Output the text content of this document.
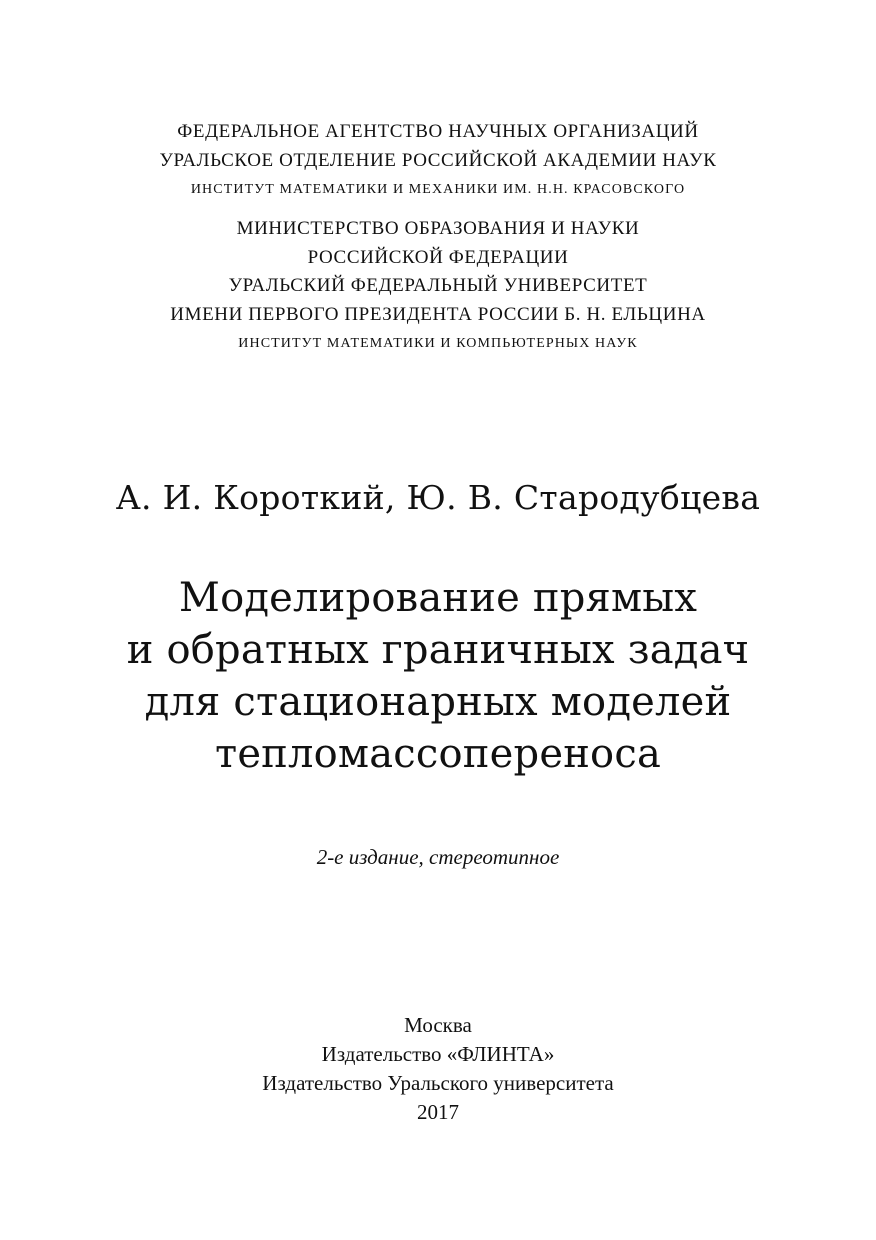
ФЕДЕРАЛЬНОЕ АГЕНТСТВО НАУЧНЫХ ОРГАНИЗАЦИЙ
УРАЛЬСКОЕ ОТДЕЛЕНИЕ РОССИЙСКОЙ АКАДЕМИИ НАУК
ИНСТИТУТ МАТЕМАТИКИ И МЕХАНИКИ ИМ. Н.Н. КРАСОВСКОГО
МИНИСТЕРСТВО ОБРАЗОВАНИЯ И НАУКИ
РОССИЙСКОЙ ФЕДЕРАЦИИ
УРАЛЬСКИЙ ФЕДЕРАЛЬНЫЙ УНИВЕРСИТЕТ
ИМЕНИ ПЕРВОГО ПРЕЗИДЕНТА РОССИИ Б. Н. ЕЛЬЦИНА
ИНСТИТУТ МАТЕМАТИКИ И КОМПЬЮТЕРНЫХ НАУК
А. И. Короткий, Ю. В. Стародубцева
Моделирование прямых
и обратных граничных задач
для стационарных моделей
тепломассопереноса
2-е издание, стереотипное
Москва
Издательство «ФЛИНТА»
Издательство Уральского университета
2017
